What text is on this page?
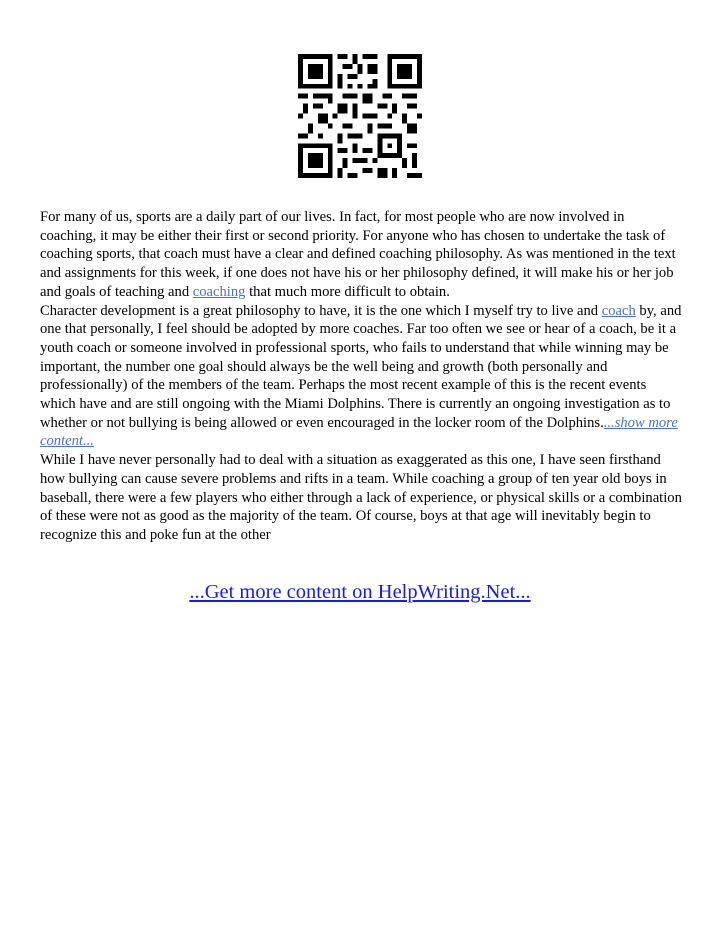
For many of us, sports are a daily part of our lives. In fact, for most people who are now involved in coaching, it may be either their first or second priority. For anyone who has chosen to undertake the task of coaching sports, that coach must have a clear and defined coaching philosophy. As was mentioned in the text and assignments for this week, if one does not have his or her philosophy defined, it will make his or her job and goals of teaching and coaching that much more difficult to obtain.

Character development is a great philosophy to have, it is the one which I myself try to live and coach by, and one that personally, I feel should be adopted by more coaches. Far too often we see or hear of a coach, be it a youth coach or someone involved in professional sports, who fails to understand that while winning may be important, the number one goal should always be the well being and growth (both personally and professionally) of the members of the team. Perhaps the most recent example of this is the recent events which have and are still ongoing with the Miami Dolphins. There is currently an ongoing investigation as to whether or not bullying is being allowed or even encouraged in the locker room of the Dolphins....show more content...

While I have never personally had to deal with a situation as exaggerated as this one, I have seen firsthand how bullying can cause severe problems and rifts in a team. While coaching a group of ten year old boys in baseball, there were a few players who either through a lack of experience, or physical skills or a combination of these were not as good as the majority of the team. Of course, boys at that age will inevitably begin to recognize this and poke fun at the other

...Get more content on HelpWriting.Net...
